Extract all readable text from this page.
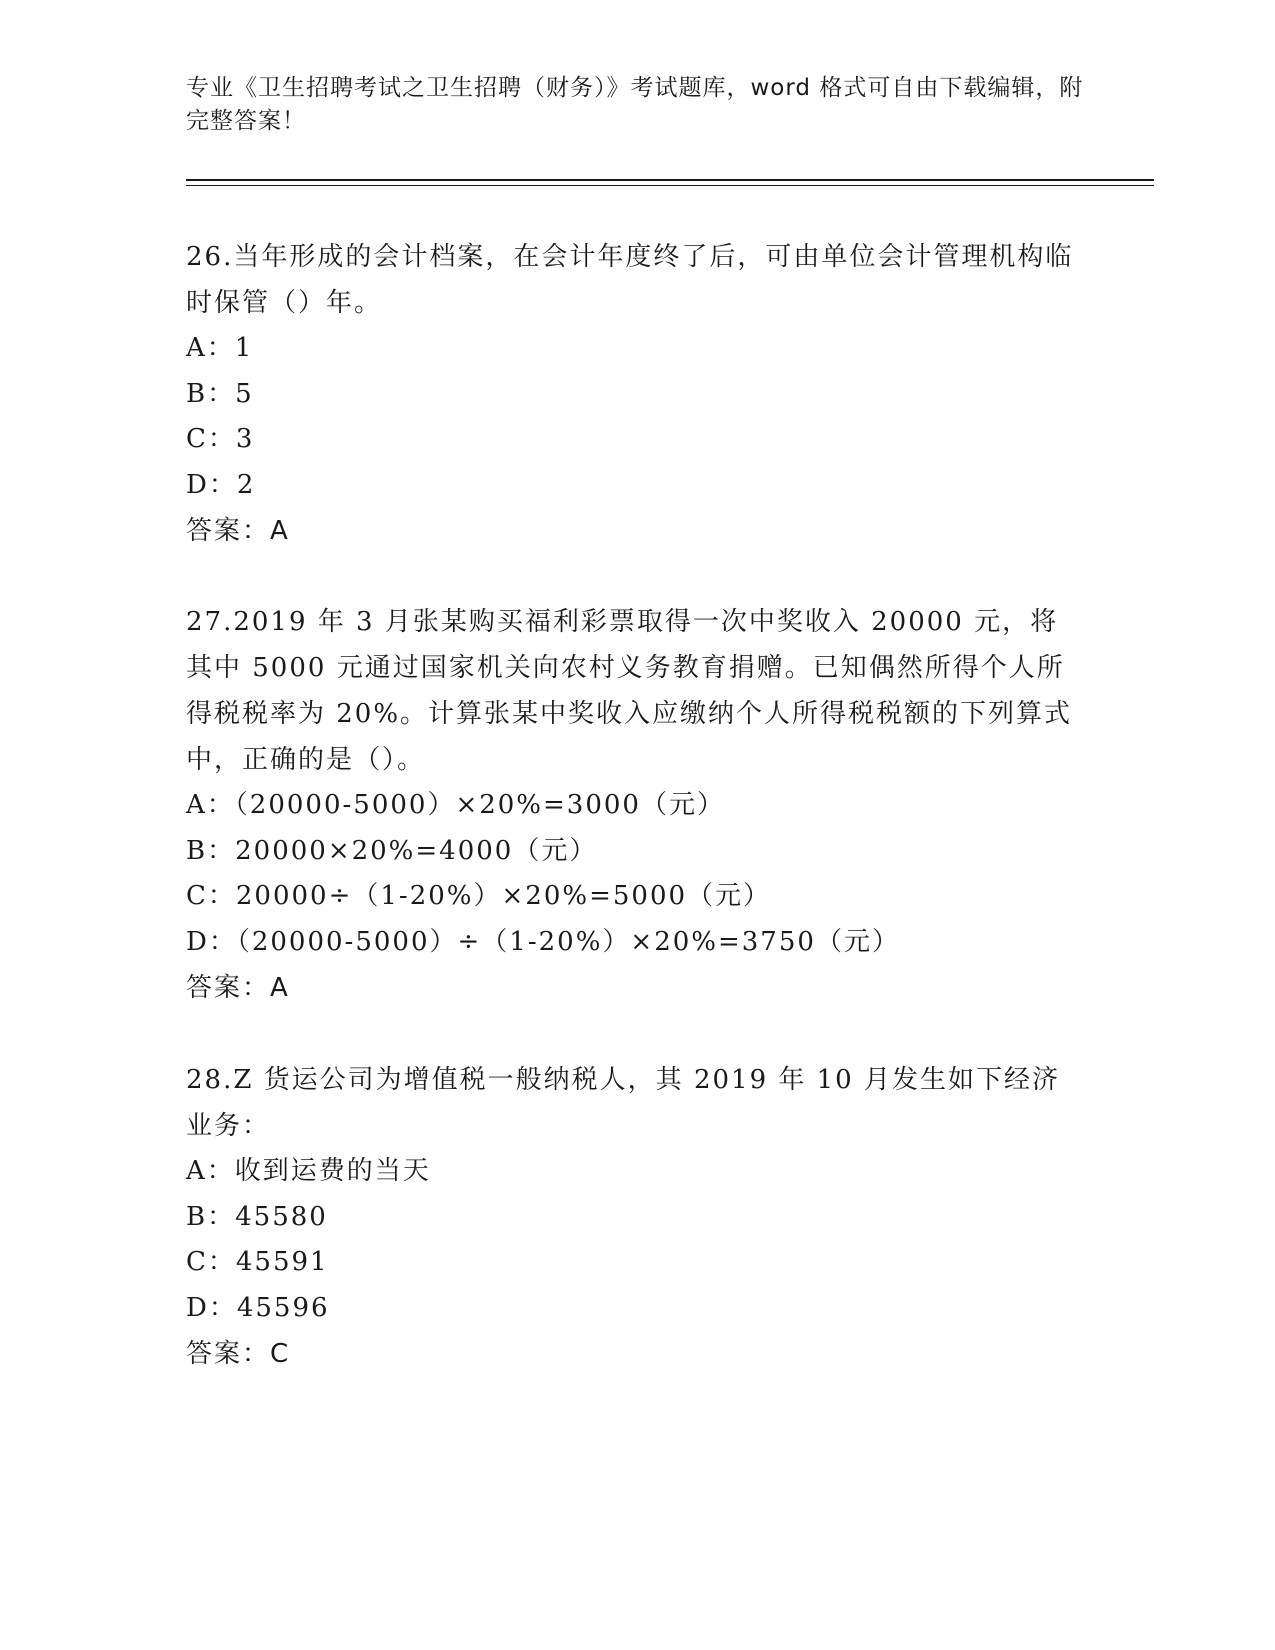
专业《卫生招聘考试之卫生招聘（财务）》考试题库，word 格式可自由下载编辑，附完整答案！

26.当年形成的会计档案，在会计年度终了后，可由单位会计管理机构临时保管（）年。

A：1

B：5

C：3

D：2

答案：A

27.2019 年 3 月张某购买福利彩票取得一次中奖收入 20000 元，将其中 5000 元通过国家机关向农村义务教育捐赠。已知偶然所得个人所得税税率为 20%。计算张某中奖收入应缴纳个人所得税税额的下列算式中，正确的是（）。

A：（20000-5000）×20%=3000（元）

B：20000×20%=4000（元）

C：20000÷（1-20%）×20%=5000（元）

D：（20000-5000）÷（1-20%）×20%=3750（元）

答案：A

28.Z 货运公司为增值税一般纳税人，其 2019 年 10 月发生如下经济业务：

A：收到运费的当天

B：45580

C：45591

D：45596

答案：C
